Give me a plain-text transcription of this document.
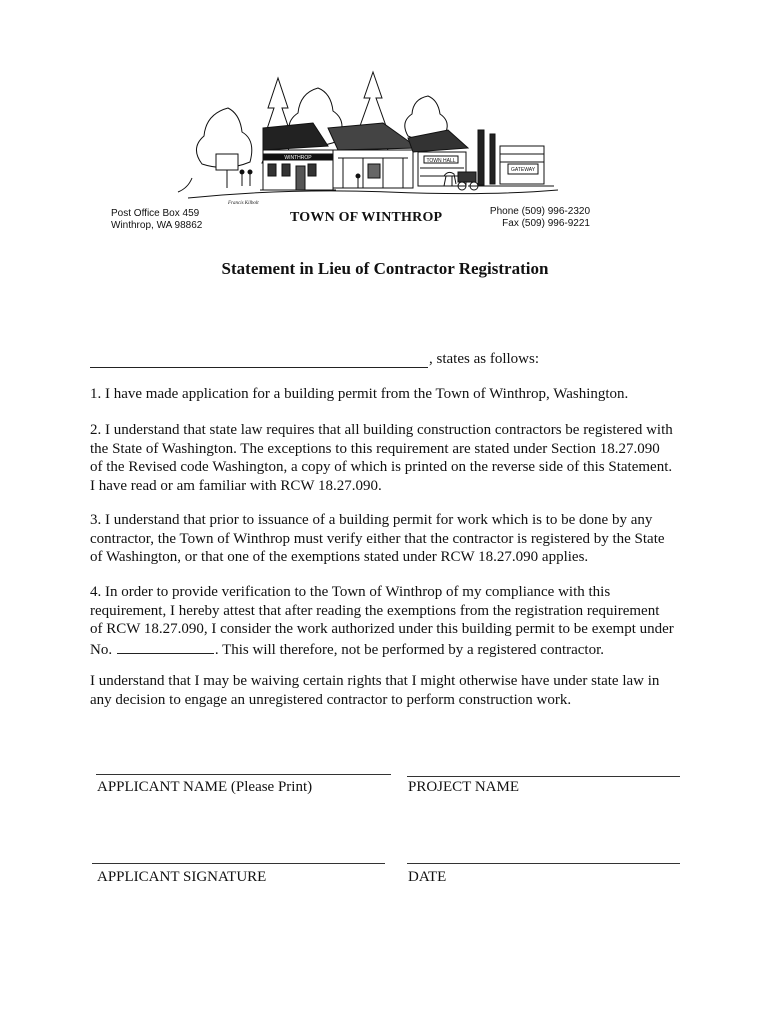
WINTHROP	TOWN HALL
GATEWAY
Francis Kilbolt
Post Office Box 459
Winthrop, WA 98862
TOWN OF WINTHROP	Phone (509) 996-2320
Fax (509) 996-9221
Statement in Lieu of Contractor Registration
, states as follows:

1. I have made application for a building permit from the Town of Winthrop, Washington.

2. I understand that state law requires that all building construction contractors be registered with
the State of Washington. The exceptions to this requirement are stated under Section 18.27.090
of the Revised code Washington, a copy of which is printed on the reverse side of this Statement.
I have read or am familiar with RCW 18.27.090.

3. I understand that prior to issuance of a building permit for work which is to be done by any
contractor, the Town of Winthrop must verify either that the contractor is registered by the State
of Washington, or that one of the exemptions stated under RCW 18.27.090 applies.

4. In order to provide verification to the Town of Winthrop of my compliance with this
requirement, I hereby attest that after reading the exemptions from the registration requirement
of RCW 18.27.090, I consider the work authorized under this building permit to be exempt under
No.	. This will therefore, not be performed by a registered contractor.

I understand that I may be waiving certain rights that I might otherwise have under state law in
any decision to engage an unregistered contractor to perform construction work.

APPLICANT NAME (Please Print)	PROJECT NAME
APPLICANT SIGNATURE	DATE
